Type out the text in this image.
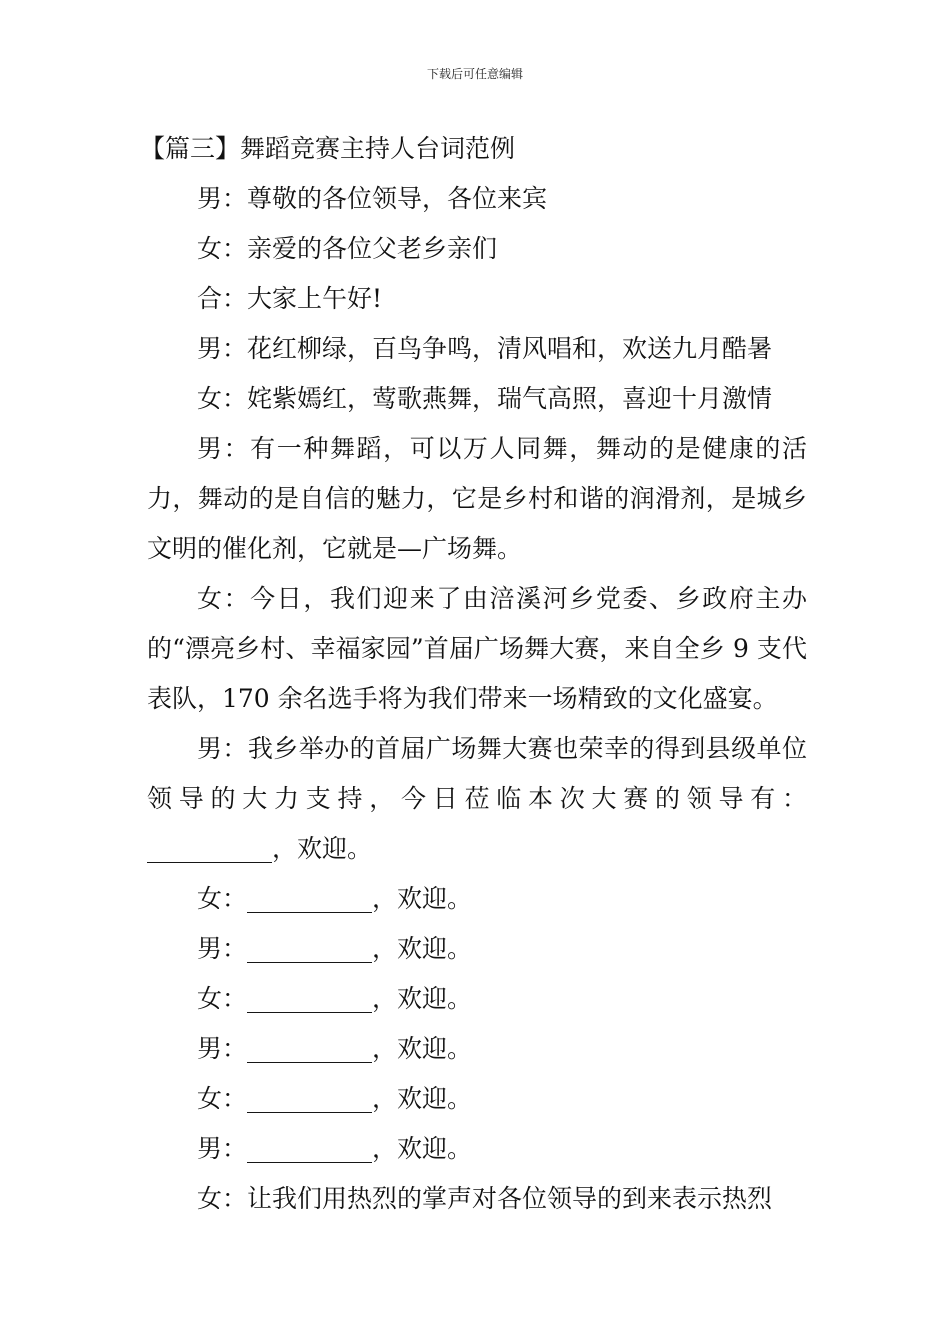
下载后可任意编辑

【篇三】舞蹈竞赛主持人台词范例

男：尊敬的各位领导，各位来宾

女：亲爱的各位父老乡亲们

合：大家上午好!

男：花红柳绿，百鸟争鸣，清风唱和，欢送九月酷暑

女：姹紫嫣红，莺歌燕舞，瑞气高照，喜迎十月激情

男：有一种舞蹈，可以万人同舞，舞动的是健康的活力，舞动的是自信的魅力，它是乡村和谐的润滑剂，是城乡文明的催化剂，它就是—广场舞。

女：今日，我们迎来了由涪溪河乡党委、乡政府主办的“漂亮乡村、幸福家园”首届广场舞大赛，来自全乡 9 支代表队，170 余名选手将为我们带来一场精致的文化盛宴。

男：我乡举办的首届广场舞大赛也荣幸的得到县级单位领导的大力支持，今日莅临本次大赛的领导有：__________，欢迎。

女：__________，欢迎。

男：__________，欢迎。

女：__________，欢迎。

男：__________，欢迎。

女：__________，欢迎。

男：__________，欢迎。

女：让我们用热烈的掌声对各位领导的到来表示热烈
